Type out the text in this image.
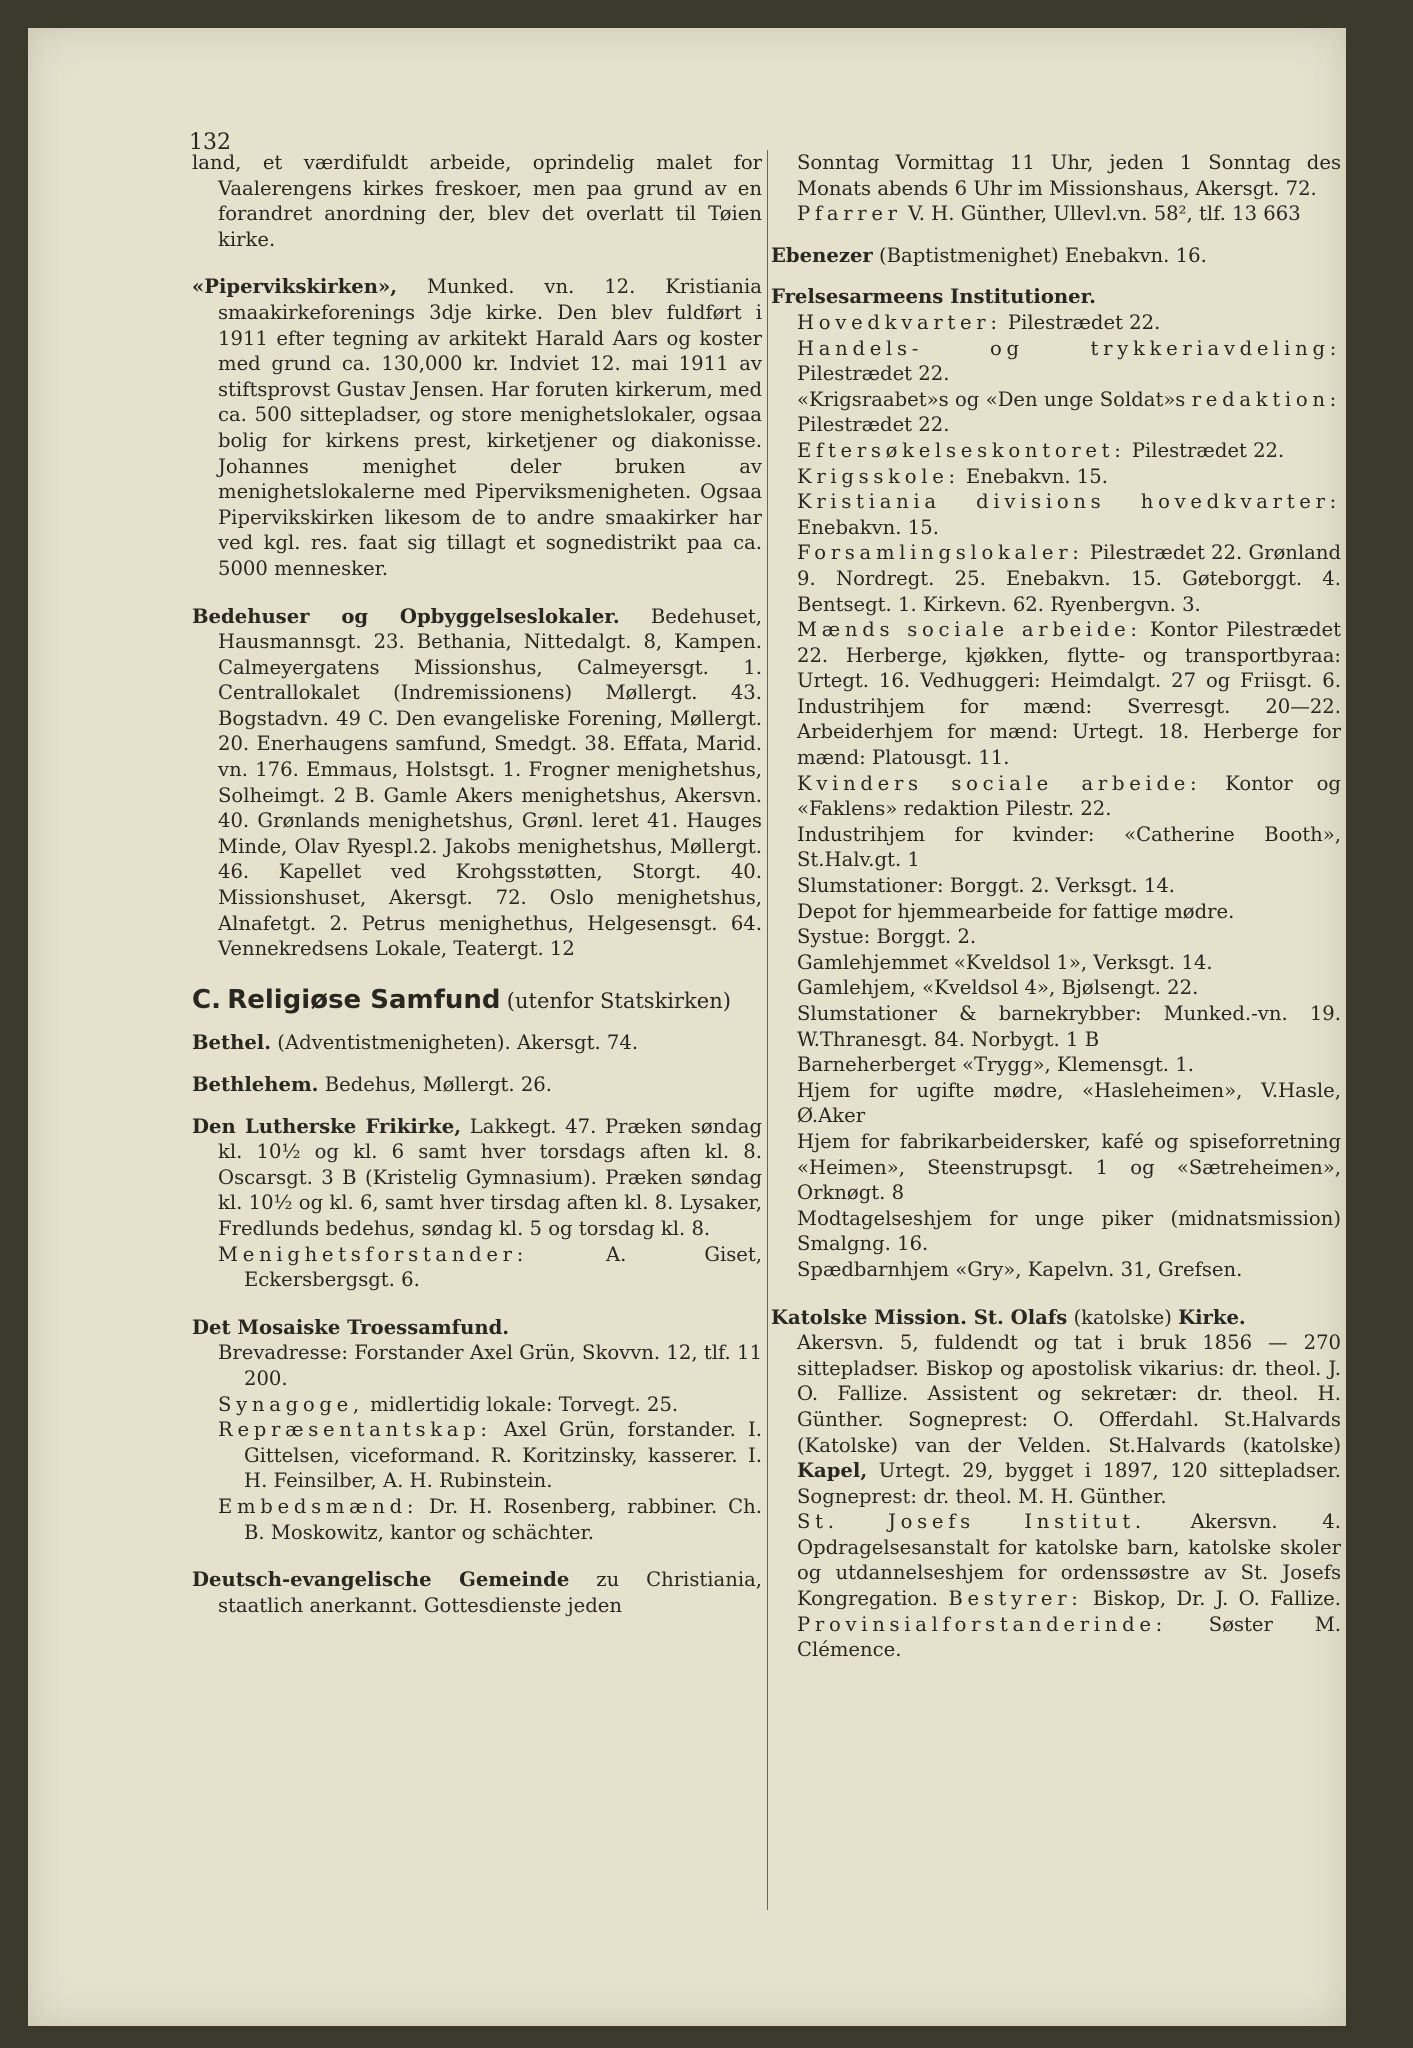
132

land, et værdifuldt arbeide, oprindelig malet for Vaalerengens kirkes freskoer, men paa grund av en forandret anordning der, blev det overlatt til Tøien kirke.

«Pipervikskirken», Munked. vn. 12. Kristiania smaakirkeforenings 3dje kirke. Den blev fuldført i 1911 efter tegning av arkitekt Harald Aars og koster med grund ca. 130,000 kr. Indviet 12. mai 1911 av stiftsprovst Gustav Jensen. Har foruten kirkerum, med ca. 500 sittepladser, og store menighetslokaler, ogsaa bolig for kirkens prest, kirketjener og diakonisse. Johannes menighet deler bruken av menighetslokalerne med Piperviksmenigheten. Ogsaa Pipervikskirken likesom de to andre smaakirker har ved kgl. res. faat sig tillagt et sognedistrikt paa ca. 5000 mennesker.

Bedehuser og Opbyggelseslokaler. Bedehuset, Hausmannsgt. 23. Bethania, Nittedalgt. 8, Kampen. Calmeyergatens Missionshus, Calmeyersgt. 1. Centrallokalet (Indremissionens) Møllergt. 43. Bogstadvn. 49 C. Den evangeliske Forening, Møllergt. 20. Enerhaugens samfund, Smedgt. 38. Effata, Marid. vn. 176. Emmaus, Holstsgt. 1. Frogner menighetshus, Solheimgt. 2 B. Gamle Akers menighetshus, Akersvn. 40. Grønlands menighetshus, Grønl. leret 41. Hauges Minde, Olav Ryespl.2. Jakobs menighetshus, Møllergt. 46. Kapellet ved Krohgsstøtten, Storgt. 40. Missionshuset, Akersgt. 72. Oslo menighetshus, Alnafetgt. 2. Petrus menighethus, Helgesensgt. 64. Vennekredsens Lokale, Teatergt. 12

C. Religiøse Samfund (utenfor Statskirken)

Bethel. (Adventistmenigheten). Akersgt. 74.

Bethlehem. Bedehus, Møllergt. 26.

Den Lutherske Frikirke, Lakkegt. 47. Præken søndag kl. 10½ og kl. 6 samt hver torsdags aften kl. 8. Oscarsgt. 3 B (Kristelig Gymnasium). Præken søndag kl. 10½ og kl. 6, samt hver tirsdag aften kl. 8. Lysaker, Fredlunds bedehus, søndag kl. 5 og torsdag kl. 8.

Menighetsforstander:	A. Giset, Eckersbergsgt. 6.

Det Mosaiske Troessamfund.

Brevadresse: Forstander Axel Grün, Skovvn. 12, tlf. 11 200.

Synagoge, midlertidig lokale: Torvegt. 25.

Repræsentantskap: Axel Grün, forstander. I. Gittelsen, viceformand. R. Koritzinsky, kasserer. I. H. Feinsilber, A. H. Rubinstein.

Embedsmænd: Dr. H. Rosenberg, rabbiner. Ch. B. Moskowitz, kantor og schächter.

Deutsch-evangelische Gemeinde zu Christiania, staatlich anerkannt. Gottesdienste jeden

Sonntag Vormittag 11 Uhr, jeden 1 Sonntag des Monats abends 6 Uhr im Missionshaus, Akersgt. 72.

Pfarrer V. H. Günther, Ullevl.vn. 58², tlf. 13 663

Ebenezer (Baptistmenighet) Enebakvn. 16.

Frelsesarmeens Institutioner.

Hovedkvarter: Pilestrædet 22.

Handels- og trykkeriavdeling: Pilestrædet 22.

«Krigsraabet»s og «Den unge Soldat»s redaktion: Pilestrædet 22.

Eftersøkelseskontoret: Pilestrædet 22.

Krigsskole: Enebakvn. 15.

Kristiania divisions hovedkvarter: Enebakvn. 15.

Forsamlingslokaler: Pilestrædet 22. Grønland 9. Nordregt. 25. Enebakvn. 15. Gøteborggt. 4. Bentsegt. 1. Kirkevn. 62. Ryenbergvn. 3.

Mænds sociale arbeide: Kontor Pilestrædet 22. Herberge, kjøkken, flytte- og transportbyraa: Urtegt. 16. Vedhuggeri: Heimdalgt. 27 og Friisgt. 6. Industrihjem for mænd: Sverresgt. 20—22. Arbeiderhjem for mænd: Urtegt. 18. Herberge for mænd: Platousgt. 11.

Kvinders sociale arbeide: Kontor og «Faklens» redaktion Pilestr. 22.

Industrihjem for kvinder: «Catherine Booth», St.Halv.gt. 1

Slumstationer: Borggt. 2. Verksgt. 14.

Depot for hjemmearbeide for fattige mødre.

Systue: Borggt. 2.

Gamlehjemmet «Kveldsol 1», Verksgt. 14.

Gamlehjem, «Kveldsol 4», Bjølsengt. 22.

Slumstationer & barnekrybber: Munked.-vn. 19. W.Thranesgt. 84. Norbygt. 1 B

Barneherberget «Trygg», Klemensgt. 1.

Hjem for ugifte mødre, «Hasleheimen», V.Hasle, Ø.Aker

Hjem for fabrikarbeidersker, kafé og spiseforretning «Heimen», Steenstrupsgt. 1 og «Sætreheimen», Orknøgt. 8

Modtagelseshjem for unge piker (midnatsmission) Smalgng. 16.

Spædbarnhjem «Gry», Kapelvn. 31, Grefsen.

Katolske Mission. St. Olafs (katolske) Kirke.

Akersvn. 5, fuldendt og tat i bruk 1856 — 270 sittepladser. Biskop og apostolisk vikarius: dr. theol. J. O. Fallize. Assistent og sekretær: dr. theol. H. Günther. Sogneprest: O. Offerdahl. St.Halvards (Katolske) van der Velden. St.Halvards (katolske) Kapel, Urtegt. 29, bygget i 1897, 120 sittepladser. Sogneprest: dr. theol. M. H. Günther.

St. Josefs Institut. Akersvn. 4. Opdragelsesanstalt for katolske barn, katolske skoler og utdannelseshjem for ordenssøstre av St. Josefs Kongregation. Bestyrer: Biskop, Dr. J. O. Fallize. Provinsialforstanderinde: Søster M. Clémence.
